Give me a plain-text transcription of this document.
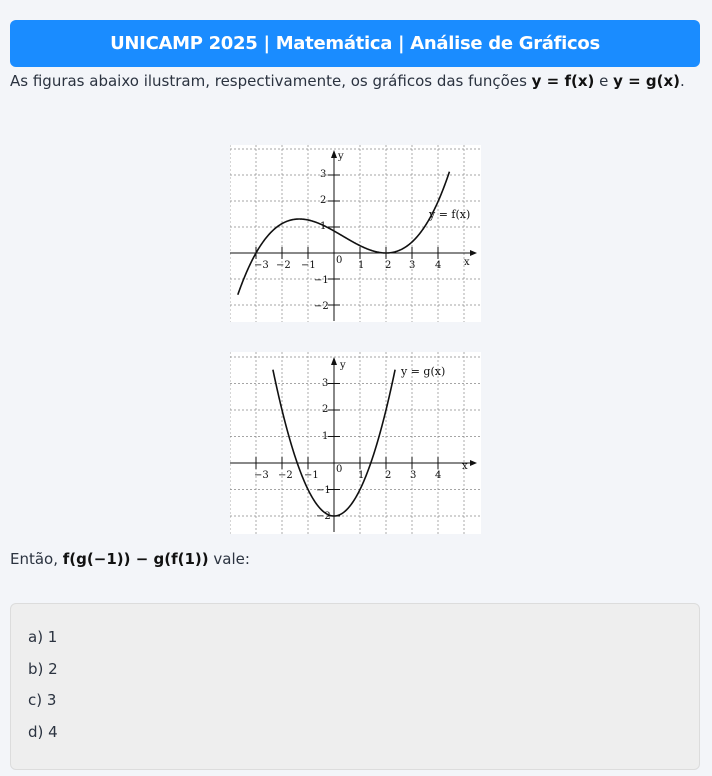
UNICAMP 2025 | Matemática | Análise de Gráficos
As figuras abaixo ilustram, respectivamente, os gráficos das funções y = f(x) e y = g(x).
x
y
y = f(x)
−3 −2 −1 0 1 2 3 4
3
2
1
−1
−2
x
y	y = g(x)
−3 −2 −1
0
1 2 3 4
3
2
1
−1
−2
Então, f(g(−1)) − g(f(1)) vale:
a) 1
b) 2
c) 3
d) 4
